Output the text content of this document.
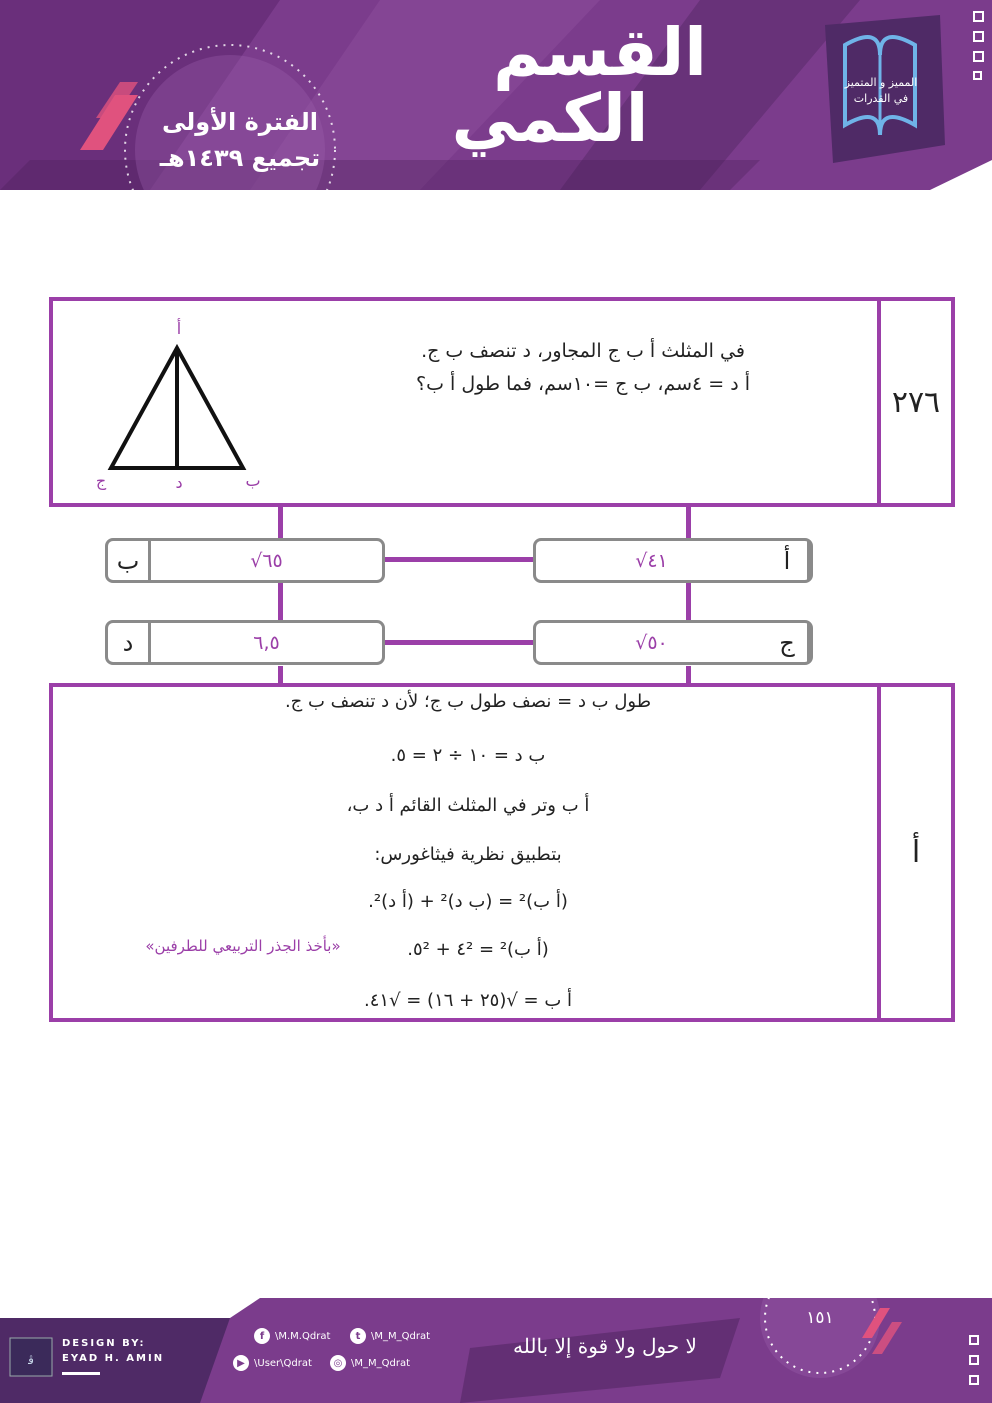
القسم
الكمي
الفترة الأولى
تجميع ١٤٣٩هـ
المميز و المتميز في القدرات
٢٧٦
في المثلث أ ب ج المجاور، د تنصف ب ج.
أ د = ٤سم، ب ج =١٠سم، فما طول أ ب؟
أ
ب
ج	د
√٤١	أ
√٦٥
ب
√٥٠	ج
٦,٥
د
أ
طول ب د = نصف طول ب ج؛ لأن د تنصف ب ج.
ب د = ١٠ ÷ ٢ = ٥.
أ ب وتر في المثلث القائم أ د ب،
بتطبيق نظرية فيثاغورس:
(أ ب)² = (ب د)² + (أ د)².
(أ ب)² = ٤² + ٥².
«بأخذ الجذر التربيعي للطرفين»
أ ب = √(٢٥ + ١٦) = √٤١.
ﭬ
DESIGN BY:
EYAD H. AMIN
f	\M.M.Qdrat	t	\M_M_Qdrat
▶ \User\Qdrat	◎ \M_M_Qdrat
لا حول ولا قوة إلا بالله
١٥١
